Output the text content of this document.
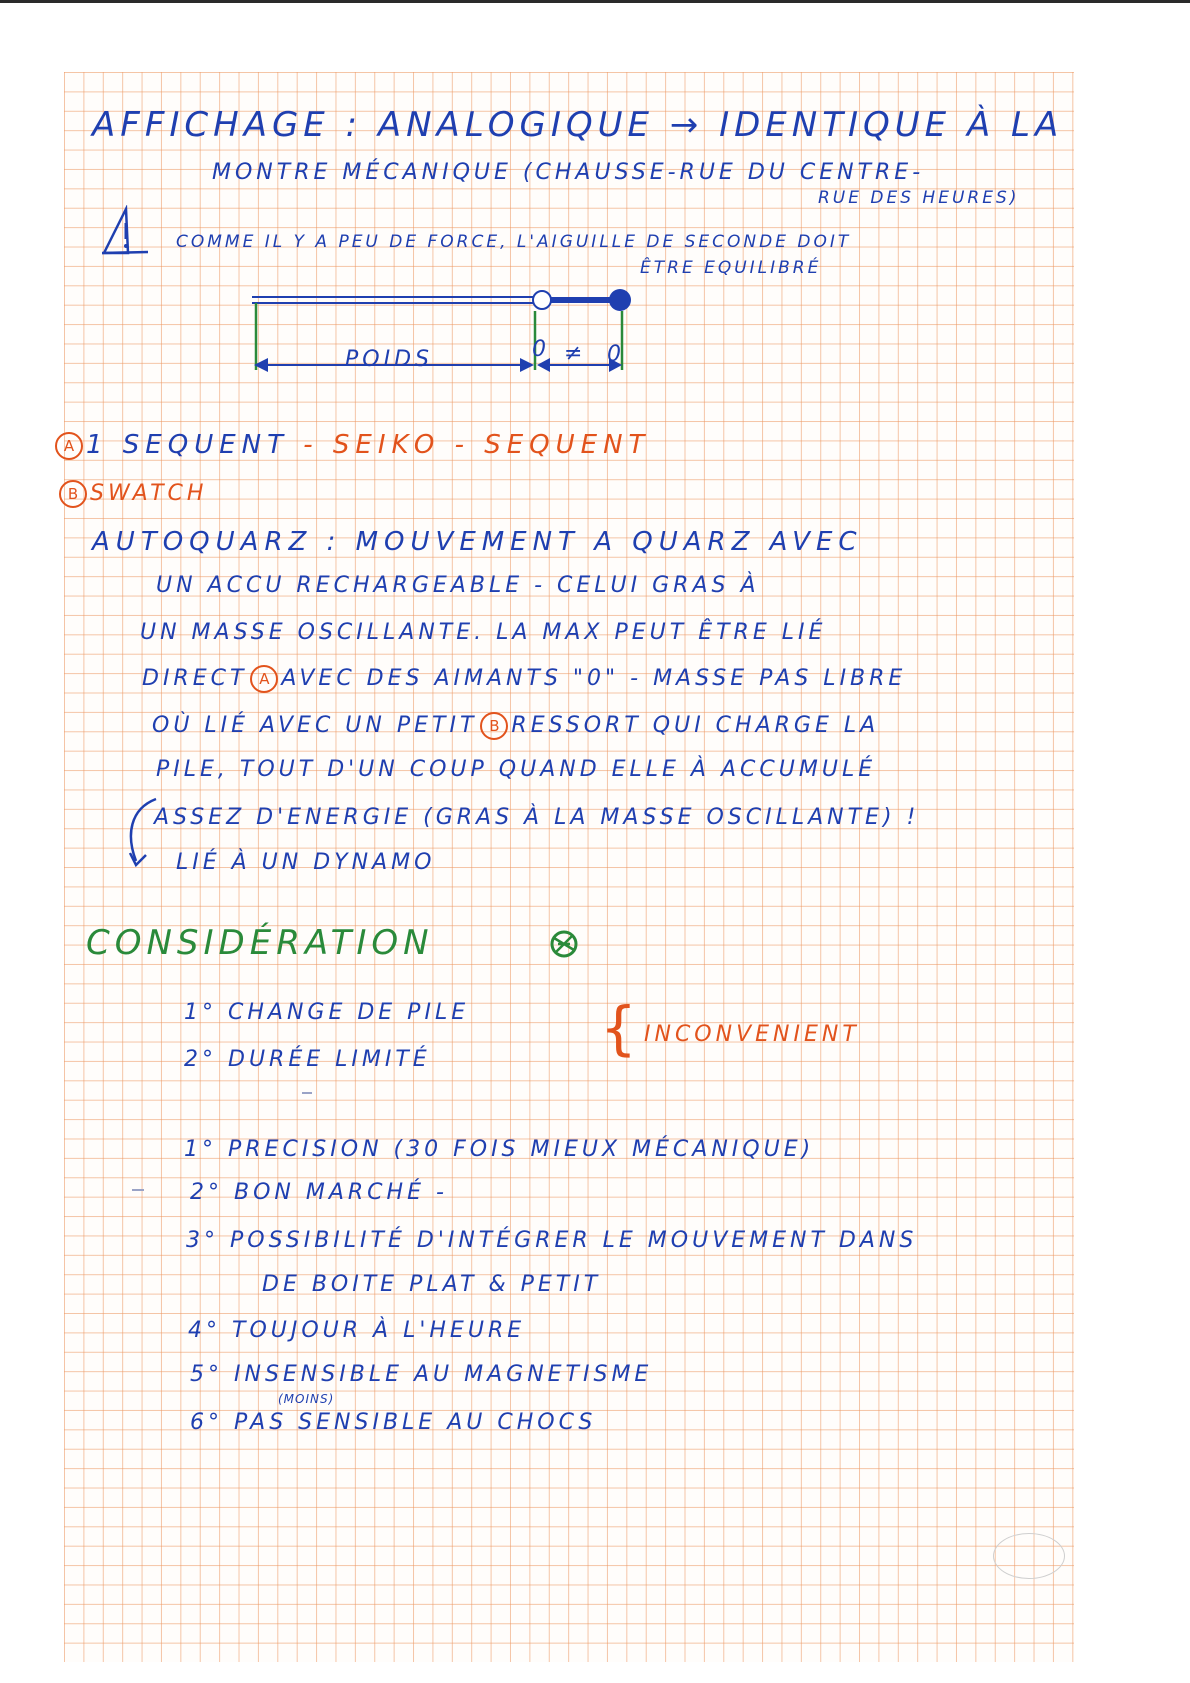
AFFICHAGE : ANALOGIQUE → IDENTIQUE À LA
MONTRE MÉCANIQUE (CHAUSSE-RUE DU CENTRE-
RUE DES HEURES)
COMME IL Y A PEU DE FORCE, L'AIGUILLE DE SECONDE DOIT
ÊTRE EQUILIBRÉ
POIDS	0 ≠ 0
A 1 SEQUENT - SEIKO - SEQUENT
B SWATCH
AUTOQUARZ : MOUVEMENT A QUARZ AVEC
UN ACCU RECHARGEABLE - CELUI GRAS À
UN MASSE OSCILLANTE. LA MAX PEUT ÊTRE LIÉ
DIRECT A AVEC DES AIMANTS "0" - MASSE PAS LIBRE
OÙ LIÉ AVEC UN PETIT B RESSORT QUI CHARGE LA
PILE, TOUT D'UN COUP QUAND ELLE À ACCUMULÉ
ASSEZ D'ENERGIE (GRAS À LA MASSE OSCILLANTE) !
LIÉ À UN DYNAMO
CONSIDÉRATION
1° CHANGE DE PILE
2° DURÉE LIMITÉ	{ INCONVENIENT
1° PRECISION (30 FOIS MIEUX MÉCANIQUE)
2° BON MARCHÉ -
3° POSSIBILITÉ D'INTÉGRER LE MOUVEMENT DANS
DE BOITE PLAT & PETIT
4° TOUJOUR À L'HEURE
5° INSENSIBLE AU MAGNETISME
(MOINS)
6° PAS SENSIBLE AU CHOCS
